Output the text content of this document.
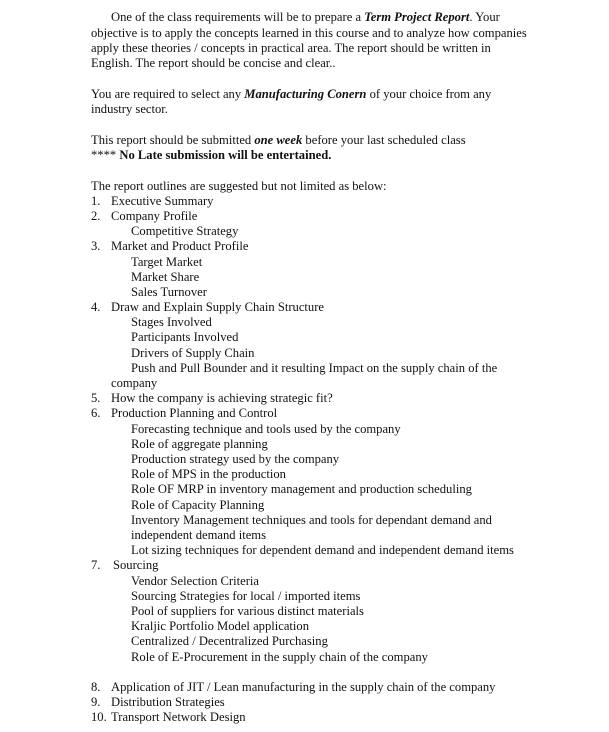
One of the class requirements will be to prepare a Term Project Report. Your

objective is to apply the concepts learned in this course and to analyze how companies

apply these theories / concepts in practical area. The report should be written in

English. The report should be concise and clear..

You are required to select any Manufacturing Conern of your choice from any

industry sector.

This report should be submitted one week before your last scheduled class

**** No Late submission will be entertained.

The report outlines are suggested but not limited as below:

1. Executive Summary

2. Company Profile

Competitive Strategy

3. Market and Product Profile

Target Market

Market Share

Sales Turnover

4. Draw and Explain Supply Chain Structure

Stages Involved

Participants Involved

Drivers of Supply Chain

Push and Pull Bounder and it resulting Impact on the supply chain of the

company

5. How the company is achieving strategic fit?

6. Production Planning and Control

Forecasting technique and tools used by the company

Role of aggregate planning

Production strategy used by the company

Role of MPS in the production

Role OF MRP in inventory management and production scheduling

Role of Capacity Planning

Inventory Management techniques and tools for dependant demand and

independent demand items

Lot sizing techniques for dependent demand and independent demand items

7. Sourcing

Vendor Selection Criteria

Sourcing Strategies for local / imported items

Pool of suppliers for various distinct materials

Kraljic Portfolio Model application

Centralized / Decentralized Purchasing

Role of E-Procurement in the supply chain of the company

8. Application of JIT / Lean manufacturing in the supply chain of the company

9. Distribution Strategies

10. Transport Network Design
